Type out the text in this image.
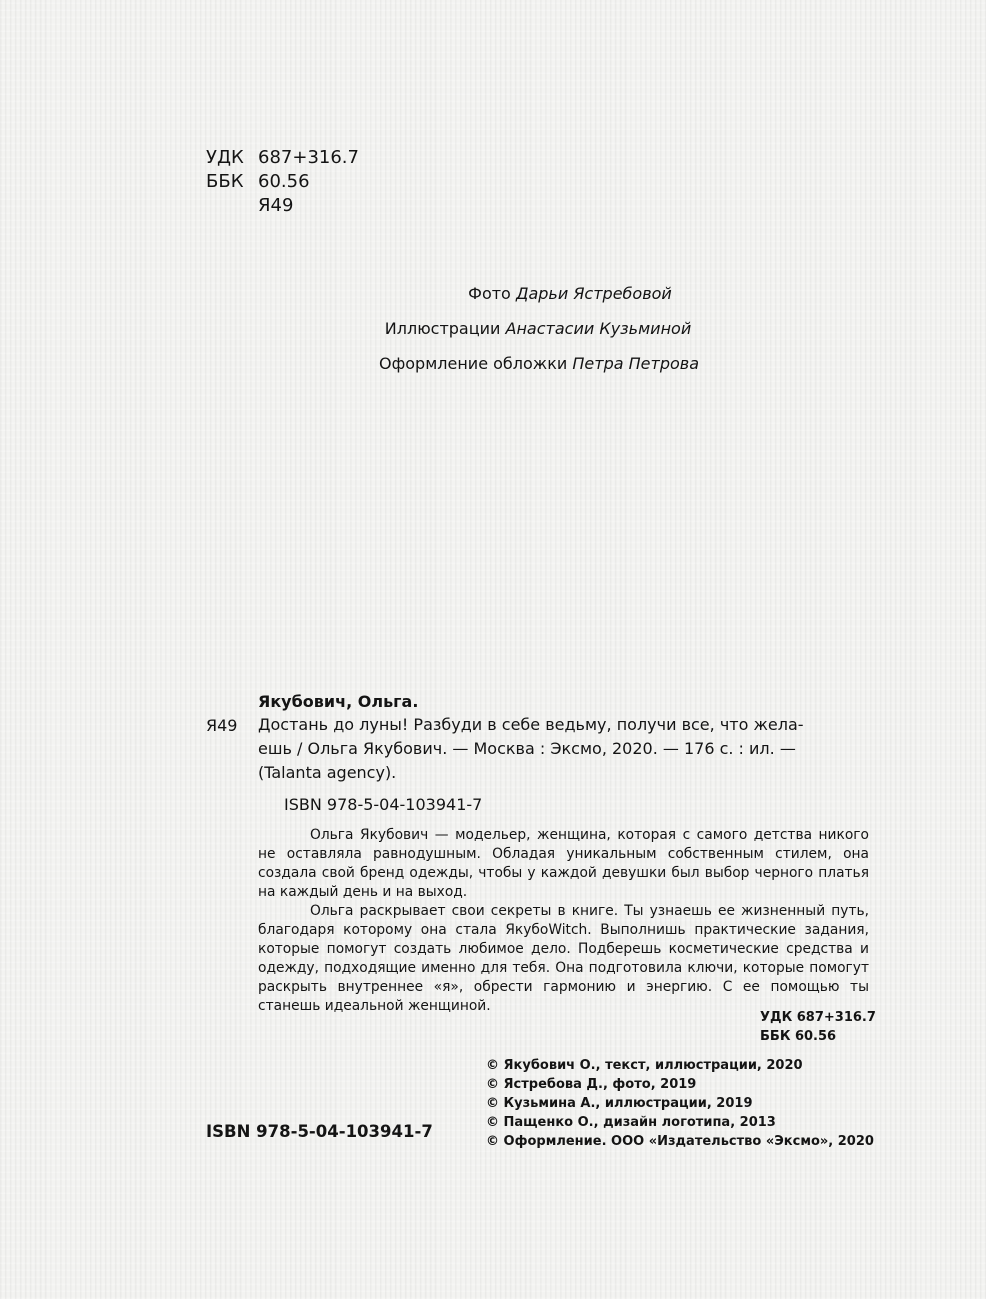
УДК 687+316.7
ББК 60.56
Я49
Фото Дарьи Ястребовой
Иллюстрации Анастасии Кузьминой
Оформление обложки Петра Петрова
Якубович, Ольга.
Я49 Достань до луны! Разбуди в себе ведьму, получи все, что жела-
ешь / Ольга Якубович. — Москва : Эксмо, 2020. — 176 с. : ил. —
(Talanta agency).
ISBN 978-5-04-103941-7

Ольга Якубович — модельер, женщина, которая с самого детства никого не оставляла равнодушным. Обладая уникальным собственным стилем, она создала свой бренд одежды, чтобы у каждой девушки был выбор черного платья на каждый день и на выход.

Ольга раскрывает свои секреты в книге. Ты узнаешь ее жизненный путь, благодаря которому она стала ЯкубоWitch. Выполнишь практические задания, которые помогут создать любимое дело. Подберешь косметические средства и одежду, подходящие именно для тебя. Она подготовила ключи, которые помогут раскрыть внутреннее «я», обрести гармонию и энергию. С ее помощью ты станешь идеальной женщиной.

УДК 687+316.7
ББК 60.56
© Якубович О., текст, иллюстрации, 2020
© Ястребова Д., фото, 2019
© Кузьмина А., иллюстрации, 2019
© Пащенко О., дизайн логотипа, 2013
© Оформление. ООО «Издательство «Эксмо», 2020
ISBN 978-5-04-103941-7
